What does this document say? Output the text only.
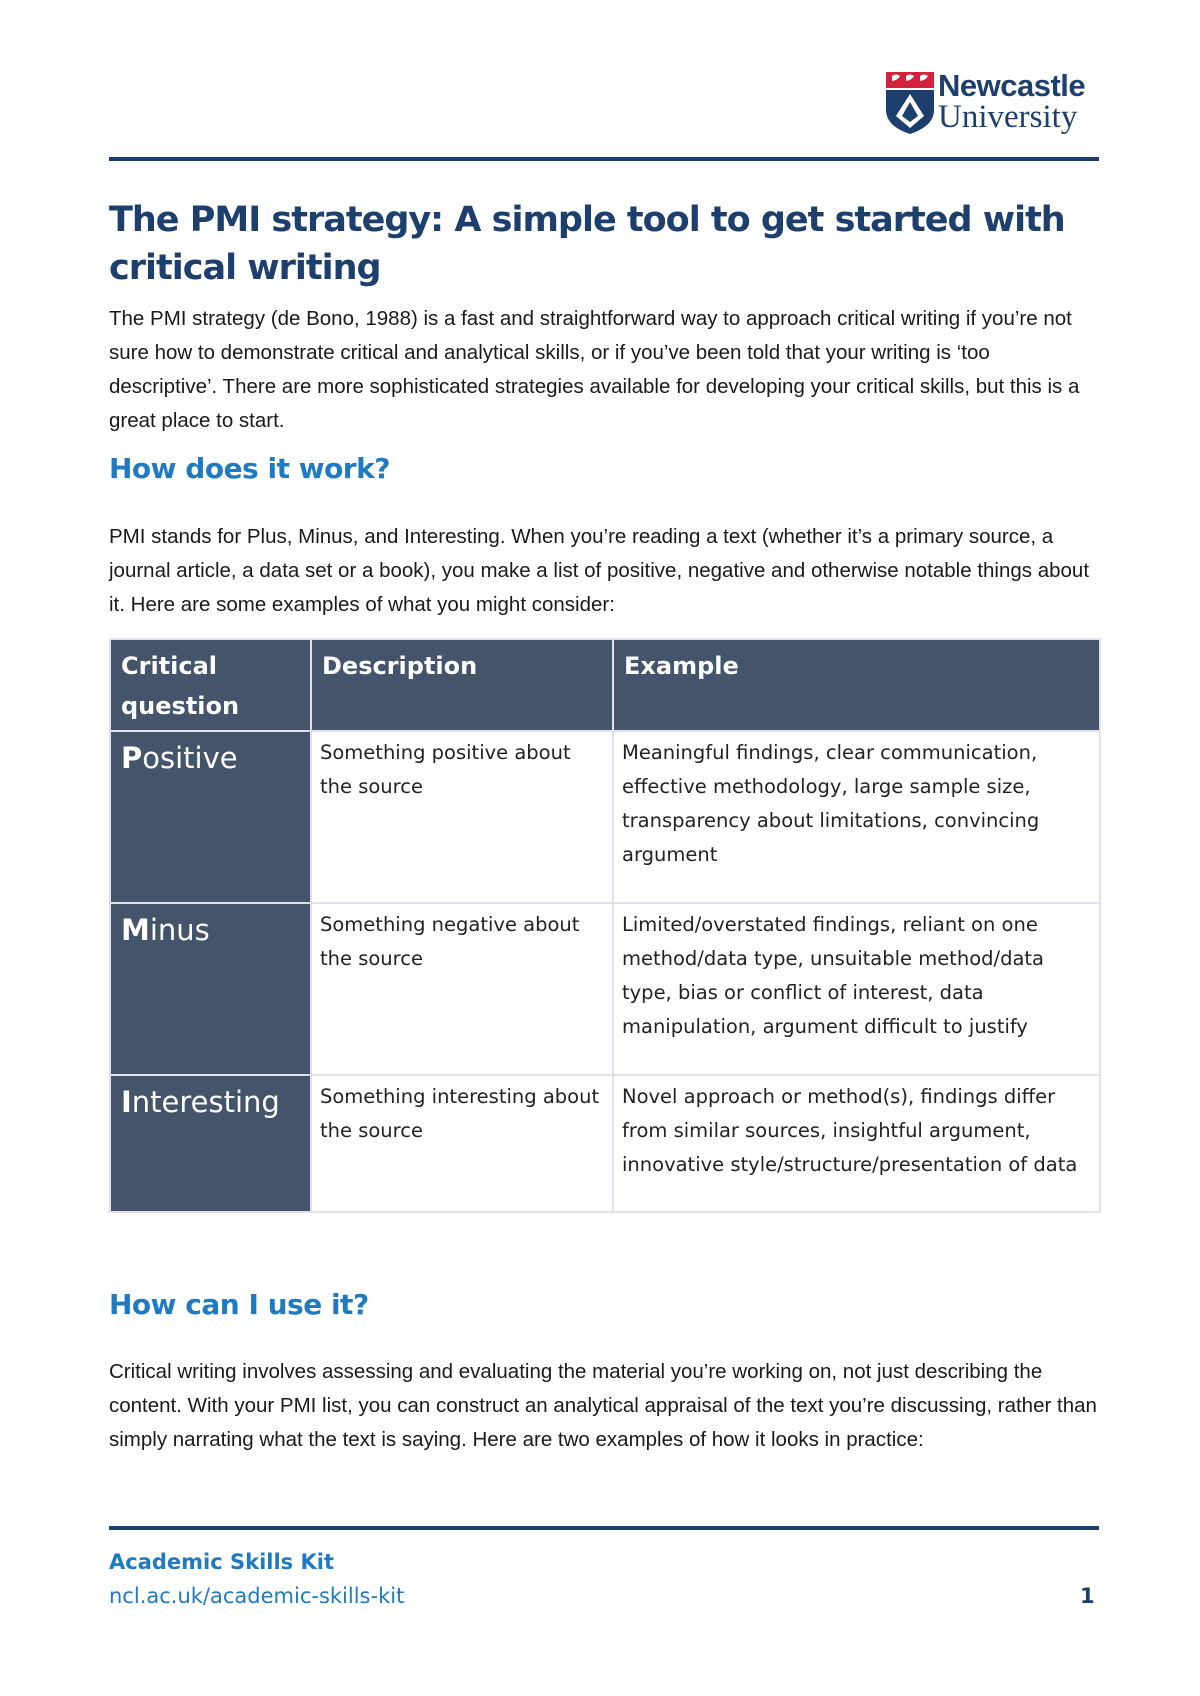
Newcastle
University
The PMI strategy: A simple tool to get started with critical writing

The PMI strategy (de Bono, 1988) is a fast and straightforward way to approach critical writing if you’re not sure how to demonstrate critical and analytical skills, or if you’ve been told that your writing is ‘too descriptive’. There are more sophisticated strategies available for developing your critical skills, but this is a great place to start.

How does it work?

PMI stands for Plus, Minus, and Interesting. When you’re reading a text (whether it’s a primary source, a journal article, a data set or a book), you make a list of positive, negative and otherwise notable things about it. Here are some examples of what you might consider:

Critical question	Description	Example
Positive	Something positive about the source	Meaningful findings, clear communication, effective methodology, large sample size, transparency about limitations, convincing argument
Minus	Something negative about the source	Limited/overstated findings, reliant on one method/data type, unsuitable method/data type, bias or conflict of interest, data manipulation, argument difficult to justify
Interesting	Something interesting about the source	Novel approach or method(s), findings differ from similar sources, insightful argument, innovative style/structure/presentation of data
How can I use it?

Critical writing involves assessing and evaluating the material you’re working on, not just describing the content. With your PMI list, you can construct an analytical appraisal of the text you’re discussing, rather than simply narrating what the text is saying. Here are two examples of how it looks in practice:

Academic Skills Kit

ncl.ac.uk/academic-skills-kit	1
